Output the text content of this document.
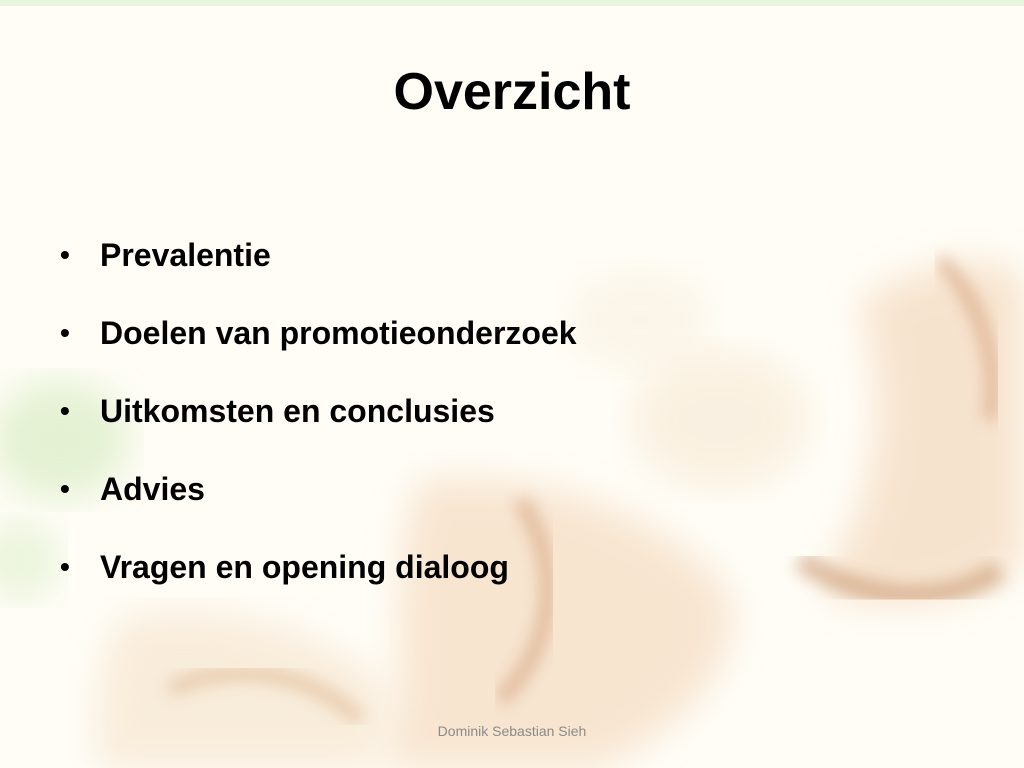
Overzicht
• Prevalentie
• Doelen van promotieonderzoek
• Uitkomsten en conclusies
• Advies
• Vragen en opening dialoog
Dominik Sebastian Sieh
